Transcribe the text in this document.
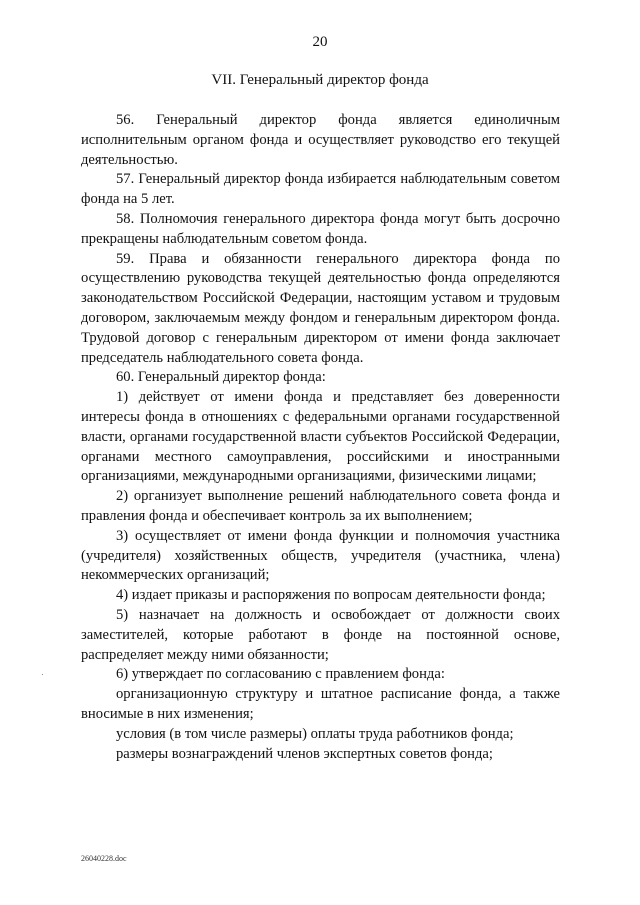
20
VII. Генеральный директор фонда

56. Генеральный директор фонда является единоличным исполнительным органом фонда и осуществляет руководство его текущей деятельностью.

57. Генеральный директор фонда избирается наблюдательным советом фонда на 5 лет.

58. Полномочия генерального директора фонда могут быть досрочно прекращены наблюдательным советом фонда.

59. Права и обязанности генерального директора фонда по осуществлению руководства текущей деятельностью фонда определяются законодательством Российской Федерации, настоящим уставом и трудовым договором, заключаемым между фондом и генеральным директором фонда. Трудовой договор с генеральным директором от имени фонда заключает председатель наблюдательного совета фонда.

60. Генеральный директор фонда:

1) действует от имени фонда и представляет без доверенности интересы фонда в отношениях с федеральными органами государственной власти, органами государственной власти субъектов Российской Федерации, органами местного самоуправления, российскими и иностранными организациями, международными организациями, физическими лицами;

2) организует выполнение решений наблюдательного совета фонда и правления фонда и обеспечивает контроль за их выполнением;

3) осуществляет от имени фонда функции и полномочия участника (учредителя) хозяйственных обществ, учредителя (участника, члена) некоммерческих организаций;

4) издает приказы и распоряжения по вопросам деятельности фонда;

5) назначает на должность и освобождает от должности своих заместителей, которые работают в фонде на постоянной основе, распределяет между ними обязанности;

6) утверждает по согласованию с правлением фонда:

организационную структуру и штатное расписание фонда, а также вносимые в них изменения;

условия (в том числе размеры) оплаты труда работников фонда;

размеры вознаграждений членов экспертных советов фонда;

26040228.doc
